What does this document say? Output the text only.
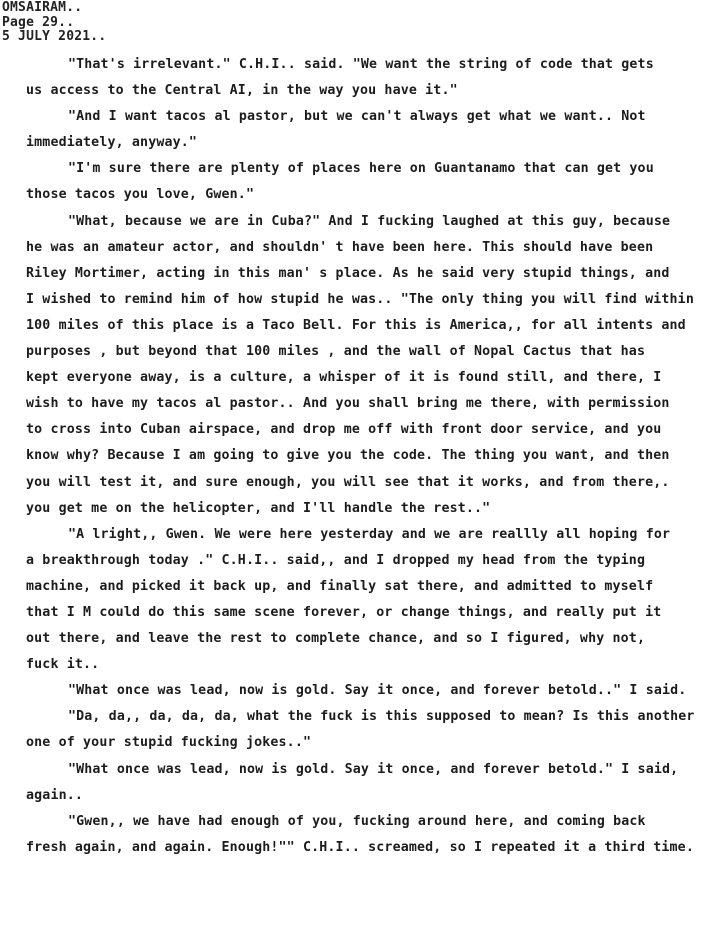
OMSAIRAM..
Page 29..
5 JULY 2021..
"That's irrelevant." C.H.I.. said. "We want the string of code that gets
us access to the Central AI, in the way you have it."
"And I want tacos al pastor, but we can't always get what we want.. Not
immediately, anyway."
"I'm sure there are plenty of places here on Guantanamo that can get you
those tacos you love, Gwen."
"What, because we are in Cuba?" And I fucking laughed at this guy, because
he was an amateur actor, and shouldn' t have been here. This should have been
Riley Mortimer, acting in this man' s place. As he said very stupid things, and
I wished to remind him of how stupid he was.. "The only thing you will find within
100 miles of this place is a Taco Bell. For this is America,, for all intents and
purposes , but beyond that 100 miles , and the wall of Nopal Cactus that has
kept everyone away, is a culture, a whisper of it is found still, and there, I
wish to have my tacos al pastor.. And you shall bring me there, with permission
to cross into Cuban airspace, and drop me off with front door service, and you
know why? Because I am going to give you the code. The thing you want, and then
you will test it, and sure enough, you will see that it works, and from there,.
you get me on the helicopter, and I'll handle the rest.."
"A lright,, Gwen. We were here yesterday and we are reallly all hoping for
a breakthrough today ." C.H.I.. said,, and I dropped my head from the typing
machine, and picked it back up, and finally sat there, and admitted to myself
that I M could do this same scene forever, or change things, and really put it
out there, and leave the rest to complete chance, and so I figured, why not,
fuck it..
"What once was lead, now is gold. Say it once, and forever betold.." I said.
"Da, da,, da, da, da, what the fuck is this supposed to mean? Is this another
one of your stupid fucking jokes.."
"What once was lead, now is gold. Say it once, and forever betold." I said,
again..
"Gwen,, we have had enough of you, fucking around here, and coming back
fresh again, and again. Enough!"" C.H.I.. screamed, so I repeated it a third time.
